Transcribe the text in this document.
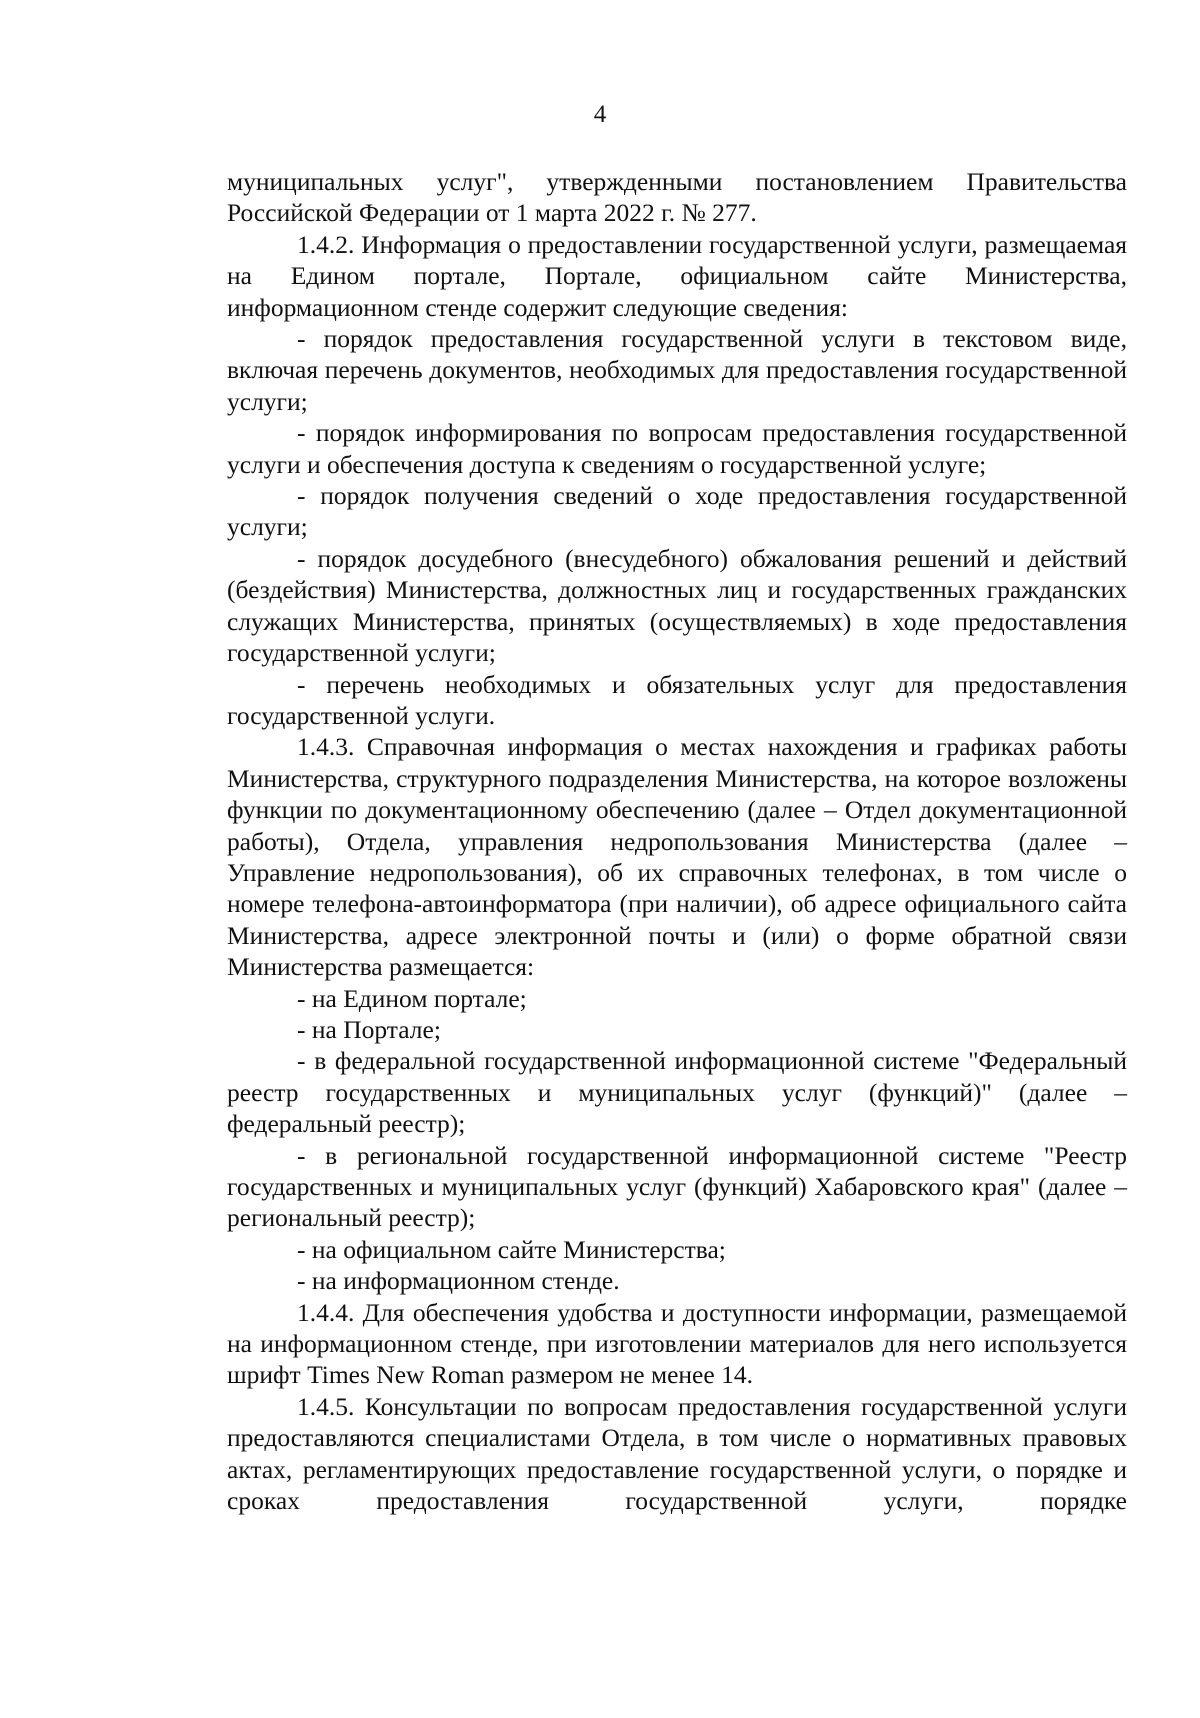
4

муниципальных услуг", утвержденными постановлением Правительства Российской Федерации от 1 марта 2022 г. № 277.

1.4.2. Информация о предоставлении государственной услуги, размещаемая на Едином портале, Портале, официальном сайте Министерства, информационном стенде содержит следующие сведения:

- порядок предоставления государственной услуги в текстовом виде, включая перечень документов, необходимых для предоставления государственной услуги;

- порядок информирования по вопросам предоставления государственной услуги и обеспечения доступа к сведениям о государственной услуге;

- порядок получения сведений о ходе предоставления государственной услуги;

- порядок досудебного (внесудебного) обжалования решений и действий (бездействия) Министерства, должностных лиц и государственных гражданских служащих Министерства, принятых (осуществляемых) в ходе предоставления государственной услуги;

- перечень необходимых и обязательных услуг для предоставления государственной услуги.

1.4.3. Справочная информация о местах нахождения и графиках работы Министерства, структурного подразделения Министерства, на которое возложены функции по документационному обеспечению (далее – Отдел документационной работы), Отдела, управления недропользования Министерства (далее – Управление недропользования), об их справочных телефонах, в том числе о номере телефона-автоинформатора (при наличии), об адресе официального сайта Министерства, адресе электронной почты и (или) о форме обратной связи Министерства размещается:

- на Едином портале;

- на Портале;

- в федеральной государственной информационной системе "Федеральный реестр государственных и муниципальных услуг (функций)" (далее – федеральный реестр);

- в региональной государственной информационной системе "Реестр государственных и муниципальных услуг (функций) Хабаровского края" (далее – региональный реестр);

- на официальном сайте Министерства;

- на информационном стенде.

1.4.4. Для обеспечения удобства и доступности информации, размещаемой на информационном стенде, при изготовлении материалов для него используется шрифт Times New Roman размером не менее 14.

1.4.5. Консультации по вопросам предоставления государственной услуги предоставляются специалистами Отдела, в том числе о нормативных правовых актах, регламентирующих предоставление государственной услуги, о порядке и сроках предоставления государственной услуги, порядке
